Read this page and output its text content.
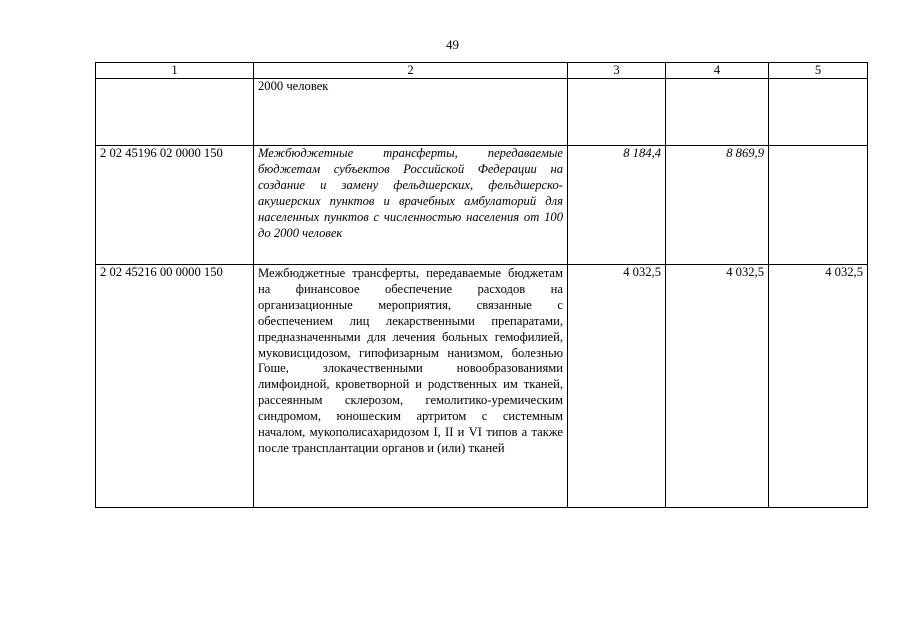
49
1	2	3	4	5
	2000 человек			
2 02 45196 02 0000 150	Межбюджетные трансферты, передаваемые бюджетам субъектов Российской Федерации на создание и замену фельдшерских, фельдшерско-акушерских пунктов и врачебных амбулаторий для населенных пунктов с численностью населения от 100 до 2000 человек	8 184,4	8 869,9	
2 02 45216 00 0000 150	Межбюджетные трансферты, передаваемые бюджетам на финансовое обеспечение расходов на организационные мероприятия, связанные с обеспечением лиц лекарственными препаратами, предназначенными для лечения больных гемофилией, муковисцидозом, гипофизарным нанизмом, болезнью Гоше, злокачественными новообразованиями лимфоидной, кроветворной и родственных им тканей, рассеянным склерозом, гемолитико-уремическим синдромом, юношеским артритом с системным началом, мукополисахаридозом I, II и VI типов а также после трансплантации органов и (или) тканей	4 032,5	4 032,5	4 032,5
